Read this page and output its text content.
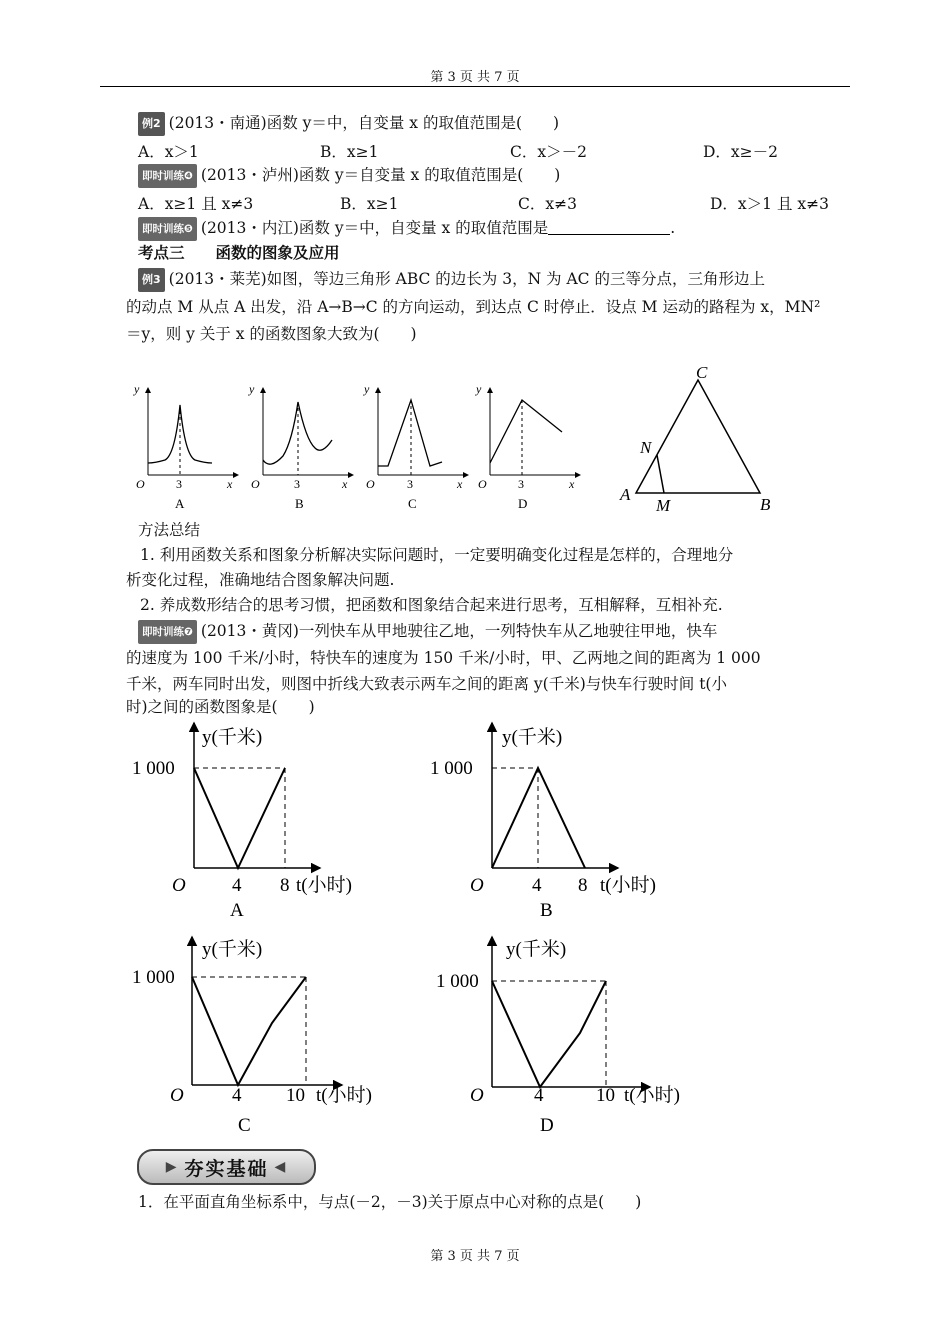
第 3 页 共 7 页
例2 (2013・南通)函数 y＝中，自变量 x 的取值范围是(　　)
A．x＞1	B．x≥1	C．x＞－2	D．x≥－2
即时训练❹ (2013・泸州)函数 y＝自变量 x 的取值范围是(　　)
A．x≥1 且 x≠3	B．x≥1	C．x≠3	D．x＞1 且 x≠3
即时训练❺ (2013・内江)函数 y＝中，自变量 x 的取值范围是	.
考点三　　函数的图象及应用
例3 (2013・莱芜)如图，等边三角形 ABC 的边长为 3，N 为 AC 的三等分点，三角形边上
的动点 M 从点 A 出发，沿 A→B→C 的方向运动，到达点 C 时停止．设点 M 运动的路程为 x，MN²
＝y，则 y 关于 x 的函数图象大致为(　　)
y
x
O	3
A
y
x
O	3
B
y
x
O	3
C
y
x
O	3
D
C
A
B
N
M
方法总结
1. 利用函数关系和图象分析解决实际问题时，一定要明确变化过程是怎样的，合理地分
析变化过程，准确地结合图象解决问题.
2. 养成数形结合的思考习惯，把函数和图象结合起来进行思考，互相解释，互相补充.
即时训练❼ (2013・黄冈)一列快车从甲地驶往乙地，一列特快车从乙地驶往甲地，快车
的速度为 100 千米/小时，特快车的速度为 150 千米/小时，甲、乙两地之间的距离为 1 000
千米，两车同时出发，则图中折线大致表示两车之间的距离 y(千米)与快车行驶时间 t(小
时)之间的函数图象是(　　)
y(千米)
1 000
O 4 8 t(小时)
A
y(千米)
1 000
O	4 8 t(小时)
B
y(千米)
1 000
O	4 10 t(小时)
C
y(千米)
1 000
O	4	10 t(小时)
D
▶ 夯实基础 ◀
1．在平面直角坐标系中，与点(－2，－3)关于原点中心对称的点是(　　)
第 3 页 共 7 页
